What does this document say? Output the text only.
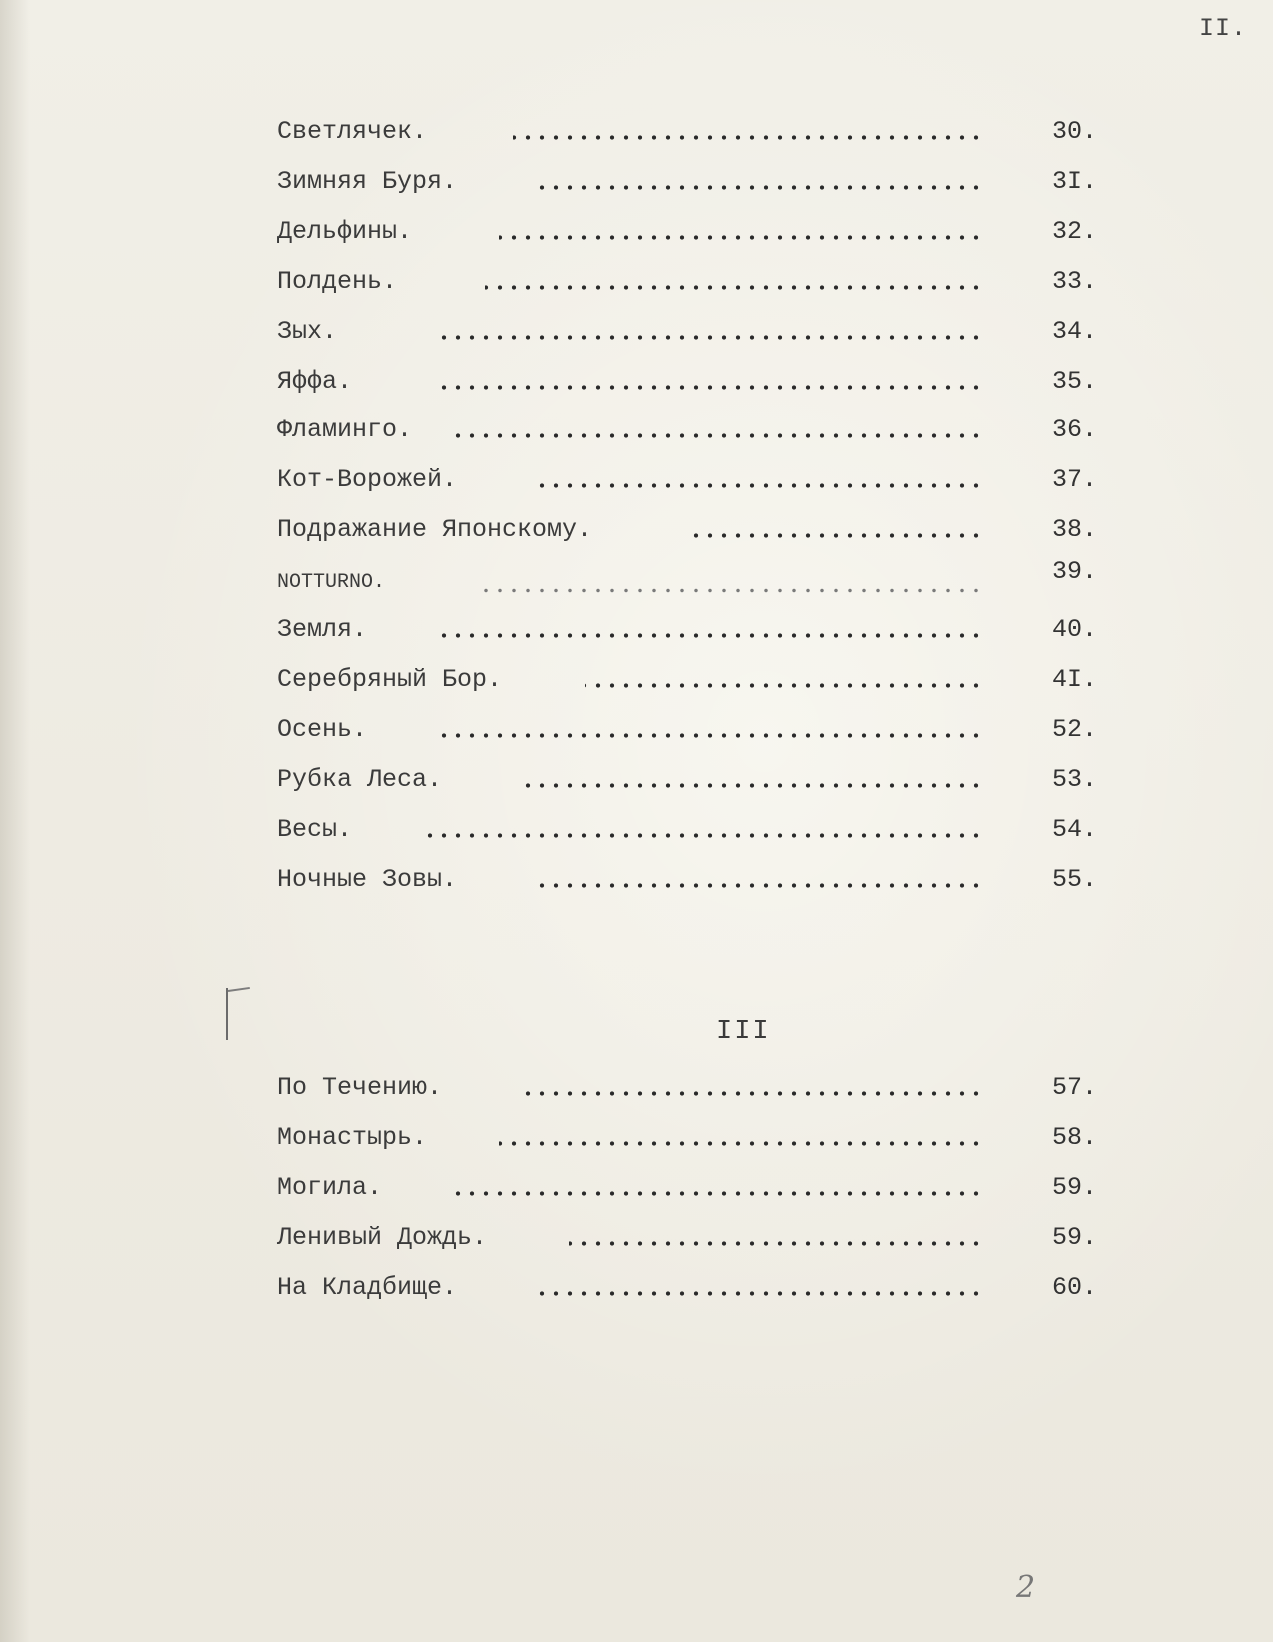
II.
Светлячек.	30.
Зимняя Буря.	3I.
Дельфины.	32.
Полдень.	33.
Зых.	34.
Яффа.	35.
Фламинго.	36.
Кот-Ворожей.	37.
Подражание Японскому.	38.
NOTTURNO.	39.
Земля.	40.
Серебряный Бор.	4I.
Осень.	52.
Рубка Леса.	53.
Весы.	54.
Ночные Зовы.	55.
III
По Течению.	57.
Монастырь.	58.
Могила.	59.
Ленивый Дождь.	59.
На Кладбище.	60.
2
